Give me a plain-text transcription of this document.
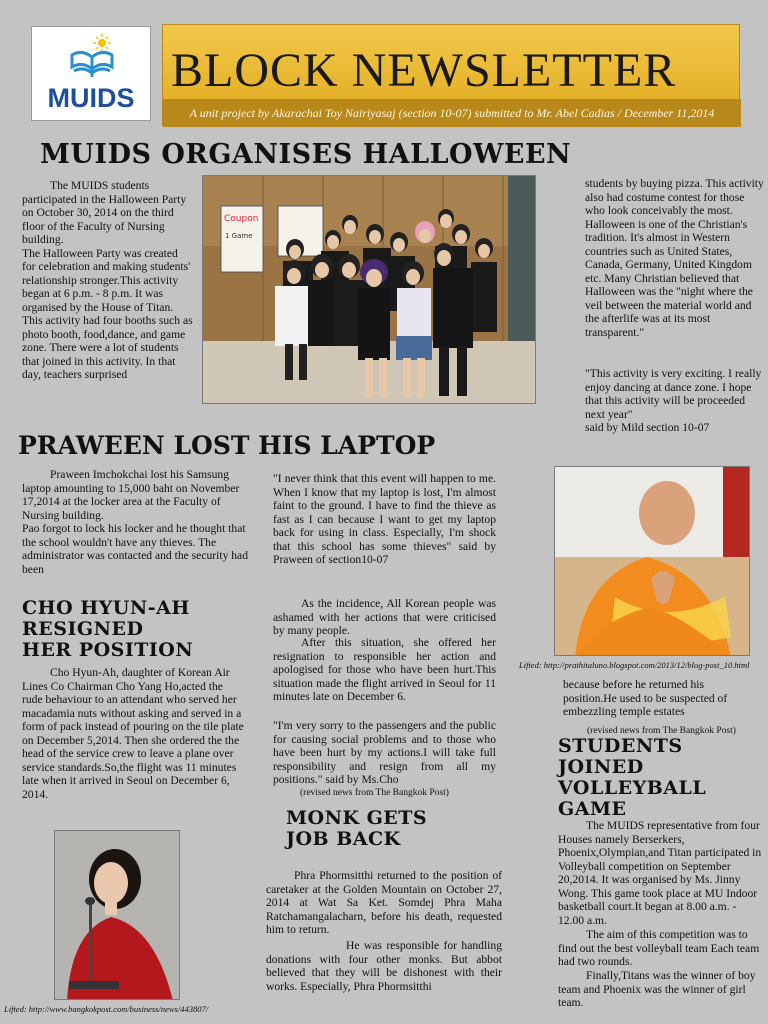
MUIDS
BLOCK NEWSLETTER
A unit project by Akarachai Toy Nairiyasaj (section 10-07) submitted to Mr. Abel Cadias / December 11,2014
MUIDS ORGANISES HALLOWEEN
The MUIDS students participated in the Halloween Party on October 30, 2014 on the third floor of the Faculty of Nursing building.
The Halloween Party was created for celebration and making students' relationship stronger.This activity began at 6 p.m. - 8 p.m. It was organised by the House of Titan. This activity had four booths such as photo booth, food,dance, and game zone. There were a lot of students that joined in this activity. In that day, teachers surprised
Coupon
1 Game
students by buying pizza. This activity also had costume contest for those who look conceivably the most.
Halloween is one of the Christian's tradition. It's almost in Western countries such as United States, Canada, Germany, United Kingdom etc. Many Christian believed that Halloween was the "night where the veil between the material world and the afterlife was at its most transparent."
"This activity is very exciting. I really enjoy dancing at dance zone. I hope that this activity will be proceeded next year"
said by Mild section 10-07
PRAWEEN LOST HIS LAPTOP
Praween Imchokchai lost his Samsung laptop amounting to 15,000 baht on November 17,2014 at the locker area at the Faculty of Nursing building.
Pao forgot to lock his locker and he thought that the school wouldn't have any thieves. The administrator was contacted and the security had been
"I never think that this event will happen to me. When I know that my laptop is lost, I'm almost faint to the ground. I have to find the thieve as fast as I can because I want to get my laptop back for using in class. Especially, I'm shock that this school has some thieves" said by Praween of section10-07
Lifted: http://prathitaluno.blogspot.com/2013/12/blog-post_10.html
CHO HYUN-AH
RESIGNED
HER POSITION
Cho Hyun-Ah, daughter of Korean Air Lines Co Chairman Cho Yang Ho,acted the rude behaviour to an attendant who served her macadamia nuts without asking and served in a form of pack instead of pouring on the tile plate on December 5,2014. Then she ordered the the head of the service crew to leave a plane over service standards.So,the flight was 11 minutes late when it arrived in Seoul on December 6, 2014.
As the incidence, All Korean people was ashamed with her actions that were criticised by many people.
After this situation, she offered her resignation to responsible her action and apologised for those who have been hurt.This situation made the flight arrived in Seoul for 11 minutes late on December 6.
"I'm very sorry to the passengers and the public for causing social problems and to those who have been hurt by my actions.I will take full responsibility and resign from all my positions." said by Ms.Cho
(revised news from The Bangkok Post)
Lifted: http://www.bangkokpost.com/business/news/443807/
MONK GETS
JOB BACK
Phra Phormsitthi returned to the position of caretaker at the Golden Mountain on October 27, 2014 at Wat Sa Ket. Somdej Phra Maha Ratchamangalacharn, before his death, requested him to return.
He was responsible for handling donations with four other monks. But abbot believed that they will be dishonest with their works. Especially, Phra Phormsitthi
because before he returned his position.He used to be suspected of embezzling temple estates
(revised news from The Bangkok Post)
STUDENTS
JOINED
VOLLEYBALL
GAME
The MUIDS representative from four Houses namely Berserkers, Phoenix,Olympian,and Titan participated in Volleyball competition on September 20,2014. It was organised by Ms. Jinny Wong. This game took place at MU Indoor basketball court.It began at 8.00 a.m. - 12.00 a.m.
The aim of this competition was to find out the best volleyball team Each team had two rounds.
Finally,Titans was the winner of boy team and Phoenix was the winner of girl team.
